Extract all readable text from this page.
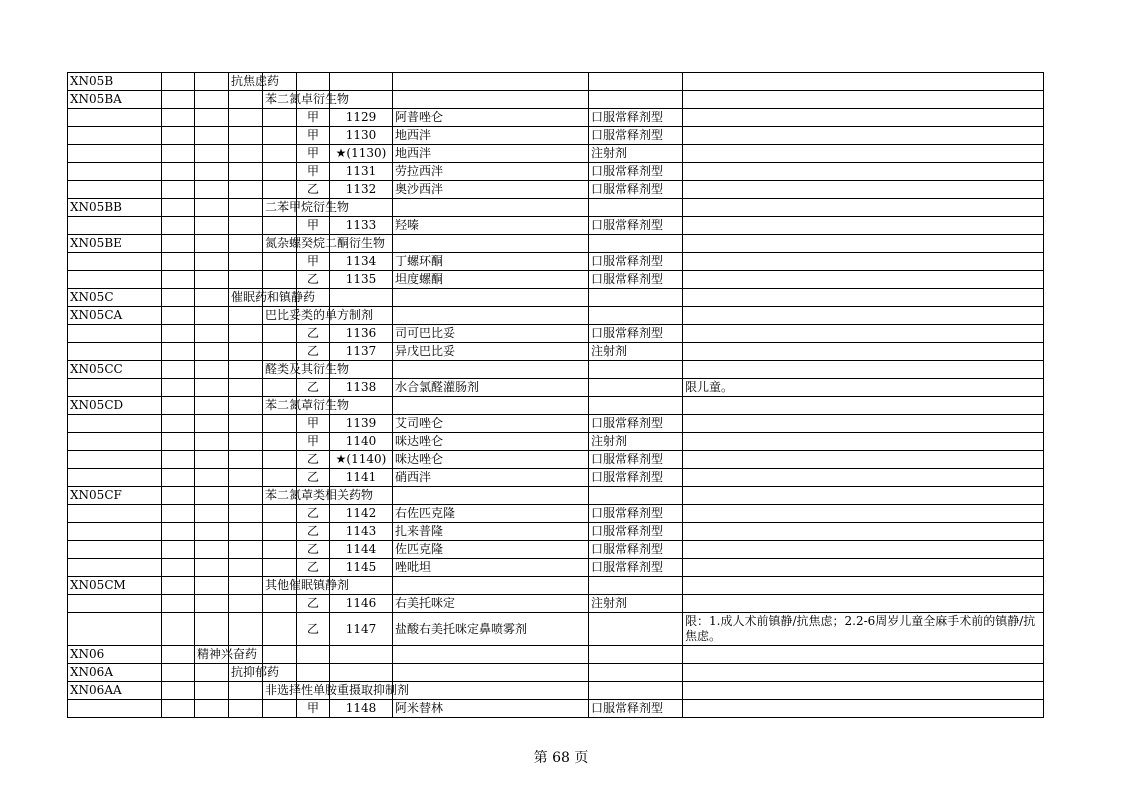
XN05B			抗焦虑药						
XN05BA				苯二氮卓衍生物					
					甲	1129	阿普唑仑	口服常释剂型	
					甲	1130	地西泮	口服常释剂型	
					甲	★(1130)	地西泮	注射剂	
					甲	1131	劳拉西泮	口服常释剂型	
					乙	1132	奥沙西泮	口服常释剂型	
XN05BB				二苯甲烷衍生物					
					甲	1133	羟嗪	口服常释剂型	
XN05BE				氮杂螺癸烷二酮衍生物					
					甲	1134	丁螺环酮	口服常释剂型	
					乙	1135	坦度螺酮	口服常释剂型	
XN05C			催眠药和镇静药						
XN05CA				巴比妥类的单方制剂					
					乙	1136	司可巴比妥	口服常释剂型	
					乙	1137	异戊巴比妥	注射剂	
XN05CC				醛类及其衍生物					
					乙	1138	水合氯醛灌肠剂		限儿童。
XN05CD				苯二氮䓬衍生物					
					甲	1139	艾司唑仑	口服常释剂型	
					甲	1140	咪达唑仑	注射剂	
					乙	★(1140)	咪达唑仑	口服常释剂型	
					乙	1141	硝西泮	口服常释剂型	
XN05CF				苯二氮䓬类相关药物					
					乙	1142	右佐匹克隆	口服常释剂型	
					乙	1143	扎来普隆	口服常释剂型	
					乙	1144	佐匹克隆	口服常释剂型	
					乙	1145	唑吡坦	口服常释剂型	
XN05CM				其他催眠镇静剂					
					乙	1146	右美托咪定	注射剂	
					乙	1147	盐酸右美托咪定鼻喷雾剂		限：1.成人术前镇静/抗焦虑；2.2-6周岁儿童全麻手术前的镇静/抗焦虑。
XN06		精神兴奋药							
XN06A			抗抑郁药						
XN06AA				非选择性单胺重摄取抑制剂					
					甲	1148	阿米替林	口服常释剂型	
第 68 页
